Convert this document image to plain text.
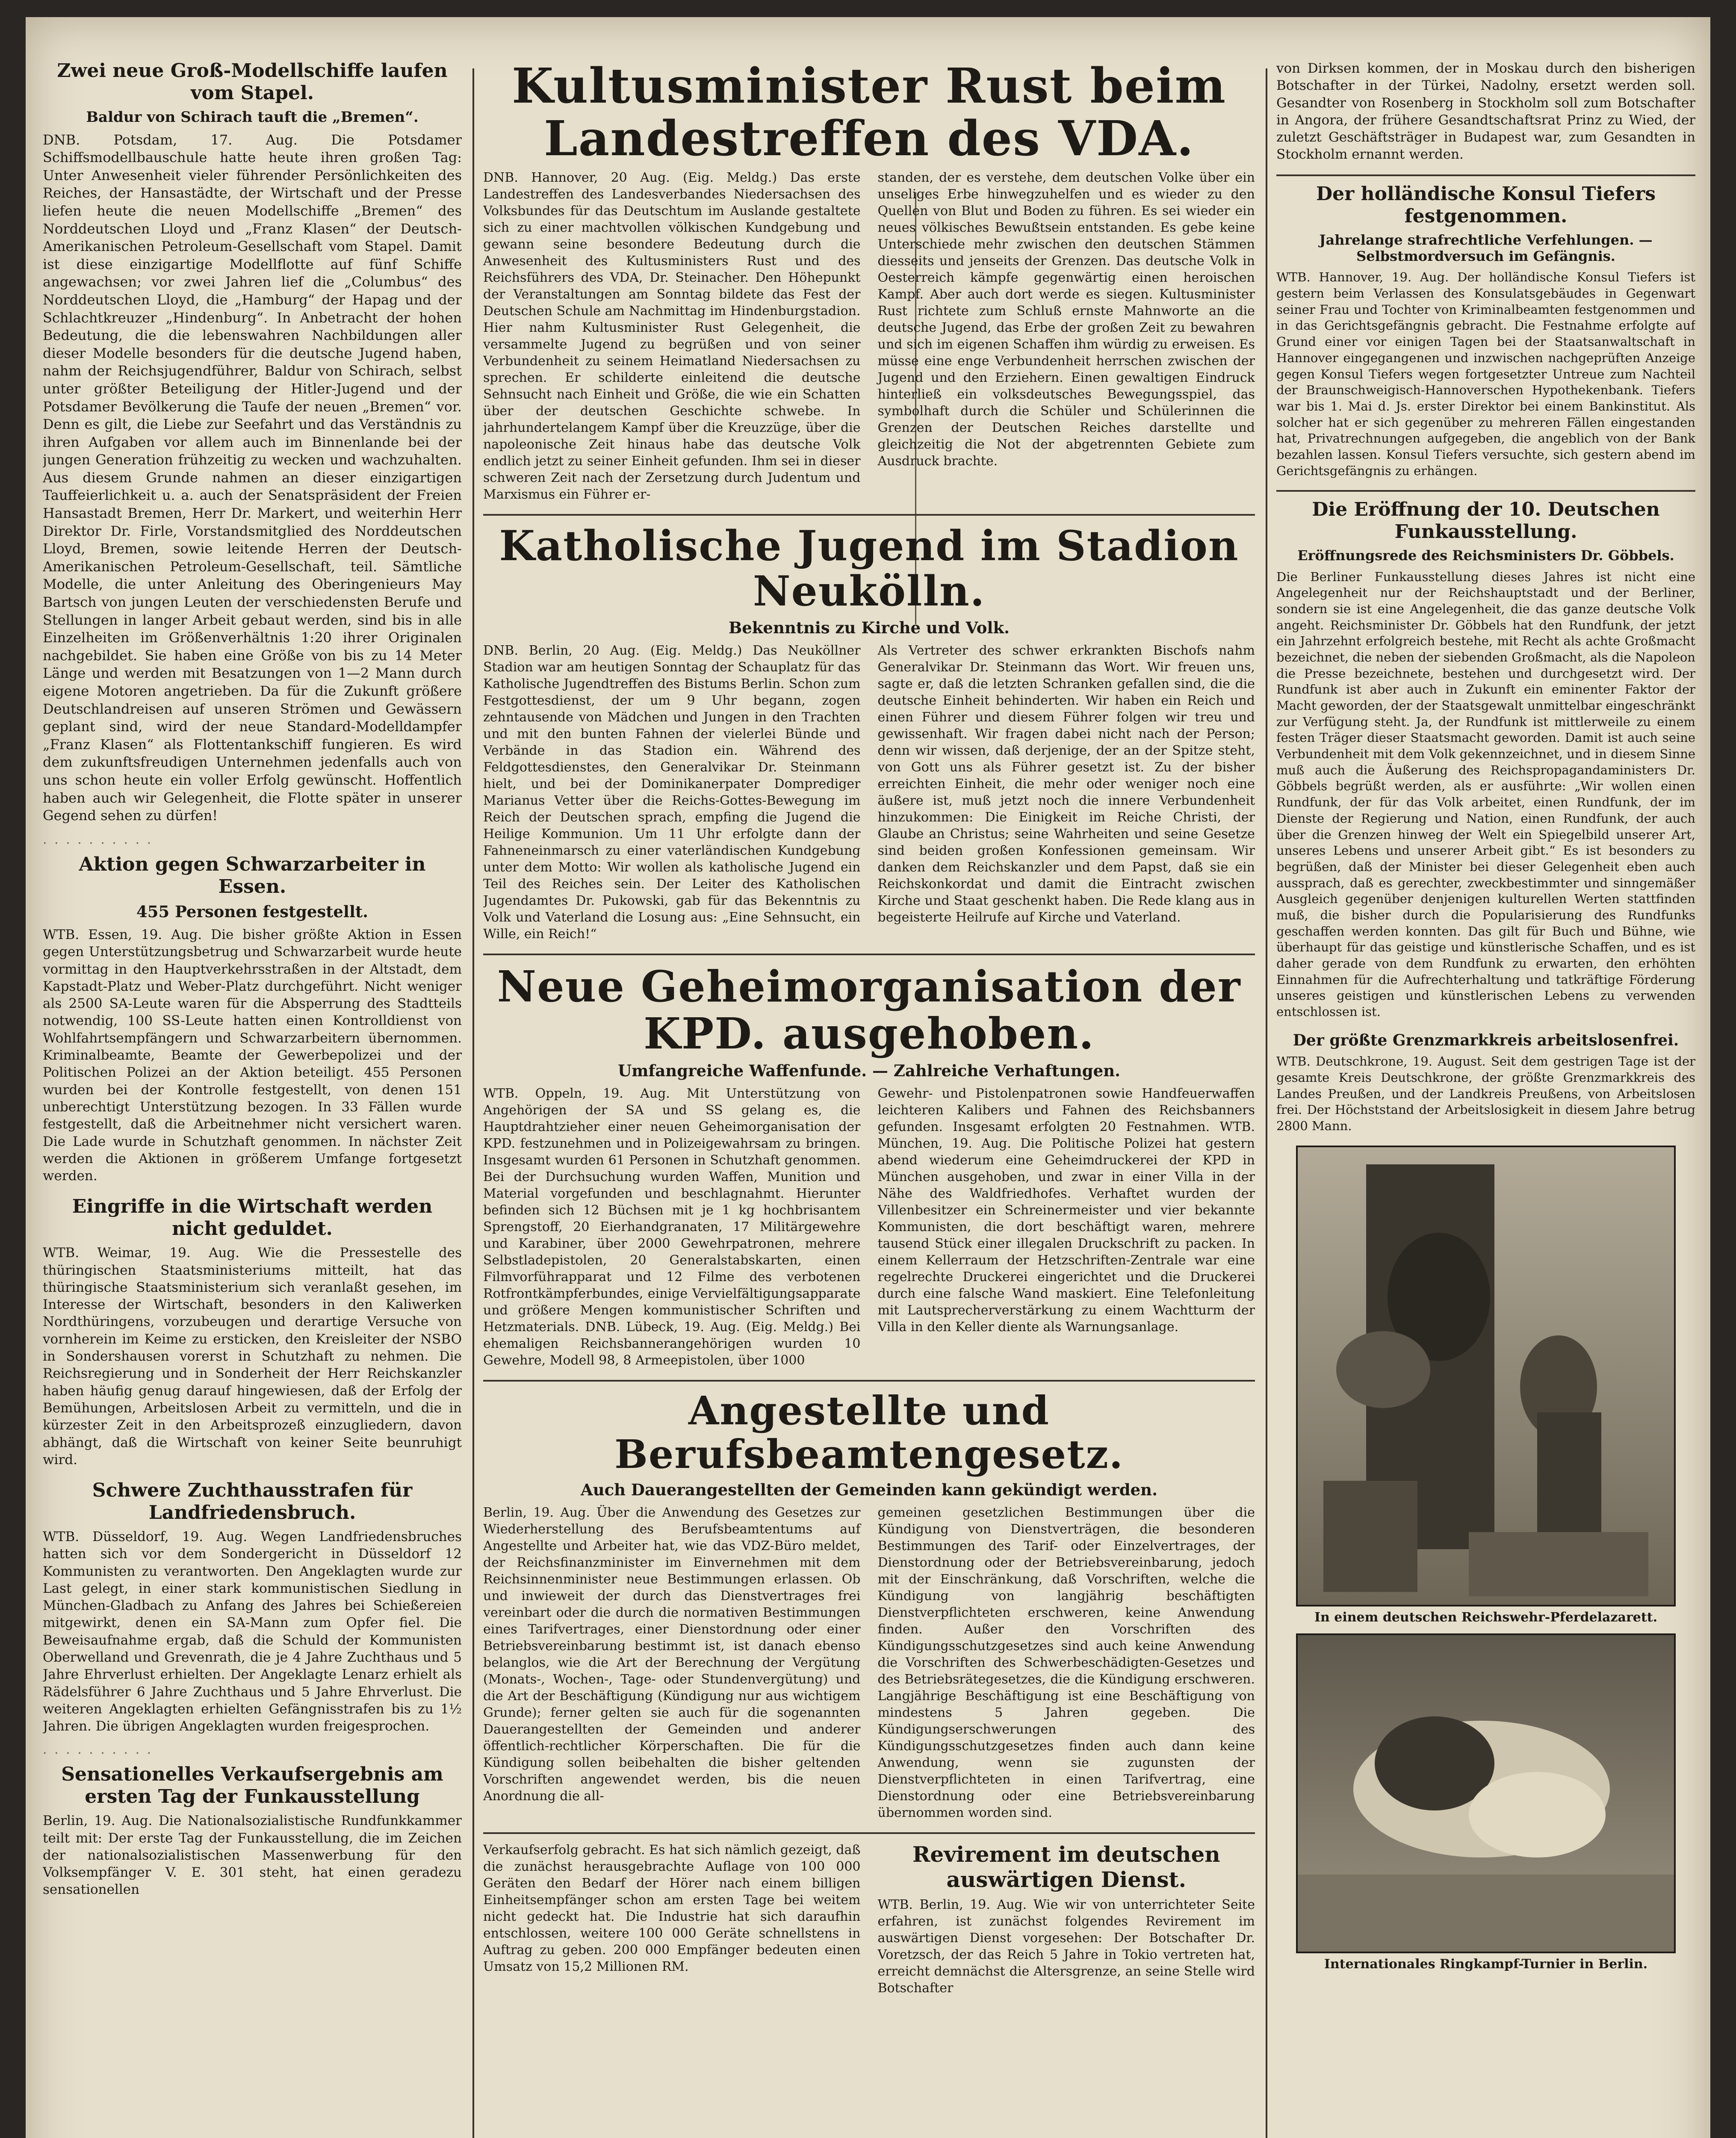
Zwei neue Groß-Modellschiffe laufen vom Stapel.
Baldur von Schirach tauft die „Bremen“.

DNB. Potsdam, 17. Aug. Die Potsdamer Schiffsmodellbauschule hatte heute ihren großen Tag: Unter Anwesenheit vieler führender Persönlichkeiten des Reiches, der Hansastädte, der Wirtschaft und der Presse liefen heute die neuen Modellschiffe „Bremen“ des Norddeutschen Lloyd und „Franz Klasen“ der Deutsch-Amerikanischen Petroleum-Gesellschaft vom Stapel. Damit ist diese einzigartige Modellflotte auf fünf Schiffe angewachsen; vor zwei Jahren lief die „Columbus“ des Norddeutschen Lloyd, die „Hamburg“ der Hapag und der Schlachtkreuzer „Hindenburg“. In Anbetracht der hohen Bedeutung, die die lebenswahren Nachbildungen aller dieser Modelle besonders für die deutsche Jugend haben, nahm der Reichsjugendführer, Baldur von Schirach, selbst unter größter Beteiligung der Hitler-Jugend und der Potsdamer Bevölkerung die Taufe der neuen „Bremen“ vor. Denn es gilt, die Liebe zur Seefahrt und das Verständnis zu ihren Aufgaben vor allem auch im Binnenlande bei der jungen Generation frühzeitig zu wecken und wachzuhalten. Aus diesem Grunde nahmen an dieser einzigartigen Tauffeierlichkeit u. a. auch der Senatspräsident der Freien Hansastadt Bremen, Herr Dr. Markert, und weiterhin Herr Direktor Dr. Firle, Vorstandsmitglied des Norddeutschen Lloyd, Bremen, sowie leitende Herren der Deutsch-Amerikanischen Petroleum-Gesellschaft, teil. Sämtliche Modelle, die unter Anleitung des Oberingenieurs May Bartsch von jungen Leuten der verschiedensten Berufe und Stellungen in langer Arbeit gebaut werden, sind bis in alle Einzelheiten im Größenverhältnis 1:20 ihrer Originalen nachgebildet. Sie haben eine Größe von bis zu 14 Meter Länge und werden mit Besatzungen von 1—2 Mann durch eigene Motoren angetrieben. Da für die Zukunft größere Deutschlandreisen auf unseren Strömen und Gewässern geplant sind, wird der neue Standard-Modelldampfer „Franz Klasen“ als Flottentankschiff fungieren. Es wird dem zukunftsfreudigen Unternehmen jedenfalls auch von uns schon heute ein voller Erfolg gewünscht. Hoffentlich haben auch wir Gelegenheit, die Flotte später in unserer Gegend sehen zu dürfen!

· · · · · · · · · ·
Aktion gegen Schwarzarbeiter in Essen.
455 Personen festgestellt.

WTB. Essen, 19. Aug. Die bisher größte Aktion in Essen gegen Unterstützungsbetrug und Schwarzarbeit wurde heute vormittag in den Hauptverkehrsstraßen in der Altstadt, dem Kapstadt-Platz und Weber-Platz durchgeführt. Nicht weniger als 2500 SA-Leute waren für die Absperrung des Stadtteils notwendig, 100 SS-Leute hatten einen Kontrolldienst von Wohlfahrtsempfängern und Schwarzarbeitern übernommen. Kriminalbeamte, Beamte der Gewerbepolizei und der Politischen Polizei an der Aktion beteiligt. 455 Personen wurden bei der Kontrolle festgestellt, von denen 151 unberechtigt Unterstützung bezogen. In 33 Fällen wurde festgestellt, daß die Arbeitnehmer nicht versichert waren. Die Lade wurde in Schutzhaft genommen. In nächster Zeit werden die Aktionen in größerem Umfange fortgesetzt werden.

Eingriffe in die Wirtschaft werden nicht geduldet.

WTB. Weimar, 19. Aug. Wie die Pressestelle des thüringischen Staatsministeriums mitteilt, hat das thüringische Staatsministerium sich veranlaßt gesehen, im Interesse der Wirtschaft, besonders in den Kaliwerken Nordthüringens, vorzubeugen und derartige Versuche von vornherein im Keime zu ersticken, den Kreisleiter der NSBO in Sondershausen vorerst in Schutzhaft zu nehmen. Die Reichsregierung und in Sonderheit der Herr Reichskanzler haben häufig genug darauf hingewiesen, daß der Erfolg der Bemühungen, Arbeitslosen Arbeit zu vermitteln, und die in kürzester Zeit in den Arbeitsprozeß einzugliedern, davon abhängt, daß die Wirtschaft von keiner Seite beunruhigt wird.

Schwere Zuchthausstrafen für Landfriedensbruch.

WTB. Düsseldorf, 19. Aug. Wegen Landfriedensbruches hatten sich vor dem Sondergericht in Düsseldorf 12 Kommunisten zu verantworten. Den Angeklagten wurde zur Last gelegt, in einer stark kommunistischen Siedlung in München-Gladbach zu Anfang des Jahres bei Schießereien mitgewirkt, denen ein SA-Mann zum Opfer fiel. Die Beweisaufnahme ergab, daß die Schuld der Kommunisten Oberwelland und Grevenrath, die je 4 Jahre Zuchthaus und 5 Jahre Ehrverlust erhielten. Der Angeklagte Lenarz erhielt als Rädelsführer 6 Jahre Zuchthaus und 5 Jahre Ehrverlust. Die weiteren Angeklagten erhielten Gefängnisstrafen bis zu 1½ Jahren. Die übrigen Angeklagten wurden freigesprochen.

· · · · · · · · · ·
Sensationelles Verkaufsergebnis am ersten Tag der Funkausstellung

Berlin, 19. Aug. Die Nationalsozialistische Rundfunkkammer teilt mit: Der erste Tag der Funkausstellung, die im Zeichen der nationalsozialistischen Massenwerbung für den Volksempfänger V. E. 301 steht, hat einen geradezu sensationellen

Kultusminister Rust beim Landestreffen des VDA.

DNB. Hannover, 20 Aug. (Eig. Meldg.) Das erste Landestreffen des Landesverbandes Niedersachsen des Volksbundes für das Deutschtum im Auslande gestaltete sich zu einer machtvollen völkischen Kundgebung und gewann seine besondere Bedeutung durch die Anwesenheit des Kultusministers Rust und des Reichsführers des VDA, Dr. Steinacher. Den Höhepunkt der Veranstaltungen am Sonntag bildete das Fest der Deutschen Schule am Nachmittag im Hindenburgstadion. Hier nahm Kultusminister Rust Gelegenheit, die versammelte Jugend zu begrüßen und von seiner Verbundenheit zu seinem Heimatland Niedersachsen zu sprechen. Er schilderte einleitend die deutsche Sehnsucht nach Einheit und Größe, die wie ein Schatten über der deutschen Geschichte schwebe. In jahrhundertelangem Kampf über die Kreuzzüge, über die napoleonische Zeit hinaus habe das deutsche Volk endlich jetzt zu seiner Einheit gefunden. Ihm sei in dieser schweren Zeit nach der Zersetzung durch Judentum und Marxismus ein Führer er-

standen, der es verstehe, dem deutschen Volke über ein unseliges Erbe hinwegzuhelfen und es wieder zu den Quellen von Blut und Boden zu führen. Es sei wieder ein neues völkisches Bewußtsein entstanden. Es gebe keine Unterschiede mehr zwischen den deutschen Stämmen diesseits und jenseits der Grenzen. Das deutsche Volk in Oesterreich kämpfe gegenwärtig einen heroischen Kampf. Aber auch dort werde es siegen. Kultusminister Rust richtete zum Schluß ernste Mahnworte an die deutsche Jugend, das Erbe der großen Zeit zu bewahren und sich im eigenen Schaffen ihm würdig zu erweisen. Es müsse eine enge Verbundenheit herrschen zwischen der Jugend und den Erziehern. Einen gewaltigen Eindruck hinterließ ein volksdeutsches Bewegungsspiel, das symbolhaft durch die Schüler und Schülerinnen die Grenzen der Deutschen Reiches darstellte und gleichzeitig die Not der abgetrennten Gebiete zum Ausdruck brachte.

Katholische Jugend im Stadion Neukölln.
Bekenntnis zu Kirche und Volk.

DNB. Berlin, 20 Aug. (Eig. Meldg.) Das Neuköllner Stadion war am heutigen Sonntag der Schauplatz für das Katholische Jugendtreffen des Bistums Berlin. Schon zum Festgottesdienst, der um 9 Uhr begann, zogen zehntausende von Mädchen und Jungen in den Trachten und mit den bunten Fahnen der vielerlei Bünde und Verbände in das Stadion ein. Während des Feldgottesdienstes, den Generalvikar Dr. Steinmann hielt, und bei der Dominikanerpater Domprediger Marianus Vetter über die Reichs-Gottes-Bewegung im Reich der Deutschen sprach, empfing die Jugend die Heilige Kommunion. Um 11 Uhr erfolgte dann der Fahneneinmarsch zu einer vaterländischen Kundgebung unter dem Motto: Wir wollen als katholische Jugend ein Teil des Reiches sein. Der Leiter des Katholischen Jugendamtes Dr. Pukowski, gab für das Bekenntnis zu Volk und Vaterland die Losung aus: „Eine Sehnsucht, ein Wille, ein Reich!“

Als Vertreter des schwer erkrankten Bischofs nahm Generalvikar Dr. Steinmann das Wort. Wir freuen uns, sagte er, daß die letzten Schranken gefallen sind, die die deutsche Einheit behinderten. Wir haben ein Reich und einen Führer und diesem Führer folgen wir treu und gewissenhaft. Wir fragen dabei nicht nach der Person; denn wir wissen, daß derjenige, der an der Spitze steht, von Gott uns als Führer gesetzt ist. Zu der bisher erreichten Einheit, die mehr oder weniger noch eine äußere ist, muß jetzt noch die innere Verbundenheit hinzukommen: Die Einigkeit im Reiche Christi, der Glaube an Christus; seine Wahrheiten und seine Gesetze sind beiden großen Konfessionen gemeinsam. Wir danken dem Reichskanzler und dem Papst, daß sie ein Reichskonkordat und damit die Eintracht zwischen Kirche und Staat geschenkt haben. Die Rede klang aus in begeisterte Heilrufe auf Kirche und Vaterland.

Neue Geheimorganisation der KPD. ausgehoben.
Umfangreiche Waffenfunde. — Zahlreiche Verhaftungen.

WTB. Oppeln, 19. Aug. Mit Unterstützung von Angehörigen der SA und SS gelang es, die Hauptdrahtzieher einer neuen Geheimorganisation der KPD. festzunehmen und in Polizeigewahrsam zu bringen. Insgesamt wurden 61 Personen in Schutzhaft genommen. Bei der Durchsuchung wurden Waffen, Munition und Material vorgefunden und beschlagnahmt. Hierunter befinden sich 12 Büchsen mit je 1 kg hochbrisantem Sprengstoff, 20 Eierhandgranaten, 17 Militärgewehre und Karabiner, über 2000 Gewehrpatronen, mehrere Selbstladepistolen, 20 Generalstabskarten, einen Filmvorführapparat und 12 Filme des verbotenen Rotfrontkämpferbundes, einige Vervielfältigungsapparate und größere Mengen kommunistischer Schriften und Hetzmaterials. DNB. Lübeck, 19. Aug. (Eig. Meldg.) Bei ehemaligen Reichsbannerangehörigen wurden 10 Gewehre, Modell 98, 8 Armeepistolen, über 1000

Gewehr- und Pistolenpatronen sowie Handfeuerwaffen leichteren Kalibers und Fahnen des Reichsbanners gefunden. Insgesamt erfolgten 20 Festnahmen. WTB. München, 19. Aug. Die Politische Polizei hat gestern abend wiederum eine Geheimdruckerei der KPD in München ausgehoben, und zwar in einer Villa in der Nähe des Waldfriedhofes. Verhaftet wurden der Villenbesitzer ein Schreinermeister und vier bekannte Kommunisten, die dort beschäftigt waren, mehrere tausend Stück einer illegalen Druckschrift zu packen. In einem Kellerraum der Hetzschriften-Zentrale war eine regelrechte Druckerei eingerichtet und die Druckerei durch eine falsche Wand maskiert. Eine Telefonleitung mit Lautsprecherverstärkung zu einem Wachtturm der Villa in den Keller diente als Warnungsanlage.

Angestellte und Berufsbeamtengesetz.
Auch Dauerangestellten der Gemeinden kann gekündigt werden.

Berlin, 19. Aug. Über die Anwendung des Gesetzes zur Wiederherstellung des Berufsbeamtentums auf Angestellte und Arbeiter hat, wie das VDZ-Büro meldet, der Reichsfinanzminister im Einvernehmen mit dem Reichsinnenminister neue Bestimmungen erlassen. Ob und inwieweit der durch das Dienstvertrages frei vereinbart oder die durch die normativen Bestimmungen eines Tarifvertrages, einer Dienstordnung oder einer Betriebsvereinbarung bestimmt ist, ist danach ebenso belanglos, wie die Art der Berechnung der Vergütung (Monats-, Wochen-, Tage- oder Stundenvergütung) und die Art der Beschäftigung (Kündigung nur aus wichtigem Grunde); ferner gelten sie auch für die sogenannten Dauerangestellten der Gemeinden und anderer öffentlich-rechtlicher Körperschaften. Die für die Kündigung sollen beibehalten die bisher geltenden Vorschriften angewendet werden, bis die neuen Anordnung die all-

gemeinen gesetzlichen Bestimmungen über die Kündigung von Dienstverträgen, die besonderen Bestimmungen des Tarif- oder Einzelvertrages, der Dienstordnung oder der Betriebsvereinbarung, jedoch mit der Einschränkung, daß Vorschriften, welche die Kündigung von langjährig beschäftigten Dienstverpflichteten erschweren, keine Anwendung finden. Außer den Vorschriften des Kündigungsschutzgesetzes sind auch keine Anwendung die Vorschriften des Schwerbeschädigten-Gesetzes und des Betriebsrätegesetzes, die die Kündigung erschweren. Langjährige Beschäftigung ist eine Beschäftigung von mindestens 5 Jahren gegeben. Die Kündigungserschwerungen des Kündigungsschutzgesetzes finden auch dann keine Anwendung, wenn sie zugunsten der Dienstverpflichteten in einen Tarifvertrag, eine Dienstordnung oder eine Betriebsvereinbarung übernommen worden sind.

Verkaufserfolg gebracht. Es hat sich nämlich gezeigt, daß die zunächst herausgebrachte Auflage von 100 000 Geräten den Bedarf der Hörer nach einem billigen Einheitsempfänger schon am ersten Tage bei weitem nicht gedeckt hat. Die Industrie hat sich daraufhin entschlossen, weitere 100 000 Geräte schnellstens in Auftrag zu geben. 200 000 Empfänger bedeuten einen Umsatz von 15,2 Millionen RM.

Revirement im deutschen auswärtigen Dienst.

WTB. Berlin, 19. Aug. Wie wir von unterrichteter Seite erfahren, ist zunächst folgendes Revirement im auswärtigen Dienst vorgesehen: Der Botschafter Dr. Voretzsch, der das Reich 5 Jahre in Tokio vertreten hat, erreicht demnächst die Altersgrenze, an seine Stelle wird Botschafter

von Dirksen kommen, der in Moskau durch den bisherigen Botschafter in der Türkei, Nadolny, ersetzt werden soll. Gesandter von Rosenberg in Stockholm soll zum Botschafter in Angora, der frühere Gesandtschaftsrat Prinz zu Wied, der zuletzt Geschäftsträger in Budapest war, zum Gesandten in Stockholm ernannt werden.

Der holländische Konsul Tiefers festgenommen.
Jahrelange strafrechtliche Verfehlungen. — Selbstmordversuch im Gefängnis.

WTB. Hannover, 19. Aug. Der holländische Konsul Tiefers ist gestern beim Verlassen des Konsulatsgebäudes in Gegenwart seiner Frau und Tochter von Kriminalbeamten festgenommen und in das Gerichtsgefängnis gebracht. Die Festnahme erfolgte auf Grund einer vor einigen Tagen bei der Staatsanwaltschaft in Hannover eingegangenen und inzwischen nachgeprüften Anzeige gegen Konsul Tiefers wegen fortgesetzter Untreue zum Nachteil der Braunschweigisch-Hannoverschen Hypothekenbank. Tiefers war bis 1. Mai d. Js. erster Direktor bei einem Bankinstitut. Als solcher hat er sich gegenüber zu mehreren Fällen eingestanden hat, Privatrechnungen aufgegeben, die angeblich von der Bank bezahlen lassen. Konsul Tiefers versuchte, sich gestern abend im Gerichtsgefängnis zu erhängen.

Die Eröffnung der 10. Deutschen Funkausstellung.
Eröffnungsrede des Reichsministers Dr. Göbbels.

Die Berliner Funkausstellung dieses Jahres ist nicht eine Angelegenheit nur der Reichshauptstadt und der Berliner, sondern sie ist eine Angelegenheit, die das ganze deutsche Volk angeht. Reichsminister Dr. Göbbels hat den Rundfunk, der jetzt ein Jahrzehnt erfolgreich bestehe, mit Recht als achte Großmacht bezeichnet, die neben der siebenden Großmacht, als die Napoleon die Presse bezeichnete, bestehen und durchgesetzt wird. Der Rundfunk ist aber auch in Zukunft ein eminenter Faktor der Macht geworden, der der Staatsgewalt unmittelbar eingeschränkt zur Verfügung steht. Ja, der Rundfunk ist mittlerweile zu einem festen Träger dieser Staatsmacht geworden. Damit ist auch seine Verbundenheit mit dem Volk gekennzeichnet, und in diesem Sinne muß auch die Äußerung des Reichspropagandaministers Dr. Göbbels begrüßt werden, als er ausführte: „Wir wollen einen Rundfunk, der für das Volk arbeitet, einen Rundfunk, der im Dienste der Regierung und Nation, einen Rundfunk, der auch über die Grenzen hinweg der Welt ein Spiegelbild unserer Art, unseres Lebens und unserer Arbeit gibt.“ Es ist besonders zu begrüßen, daß der Minister bei dieser Gelegenheit eben auch aussprach, daß es gerechter, zweckbestimmter und sinngemäßer Ausgleich gegenüber denjenigen kulturellen Werten stattfinden muß, die bisher durch die Popularisierung des Rundfunks geschaffen werden konnten. Das gilt für Buch und Bühne, wie überhaupt für das geistige und künstlerische Schaffen, und es ist daher gerade von dem Rundfunk zu erwarten, den erhöhten Einnahmen für die Aufrechterhaltung und tatkräftige Förderung unseres geistigen und künstlerischen Lebens zu verwenden entschlossen ist.

Der größte Grenzmarkkreis arbeitslosenfrei.

WTB. Deutschkrone, 19. August. Seit dem gestrigen Tage ist der gesamte Kreis Deutschkrone, der größte Grenzmarkkreis des Landes Preußen, und der Landkreis Preußens, von Arbeitslosen frei. Der Höchststand der Arbeitslosigkeit in diesem Jahre betrug 2800 Mann.

In einem deutschen Reichswehr-Pferdelazarett.
Internationales Ringkampf-Turnier in Berlin.
